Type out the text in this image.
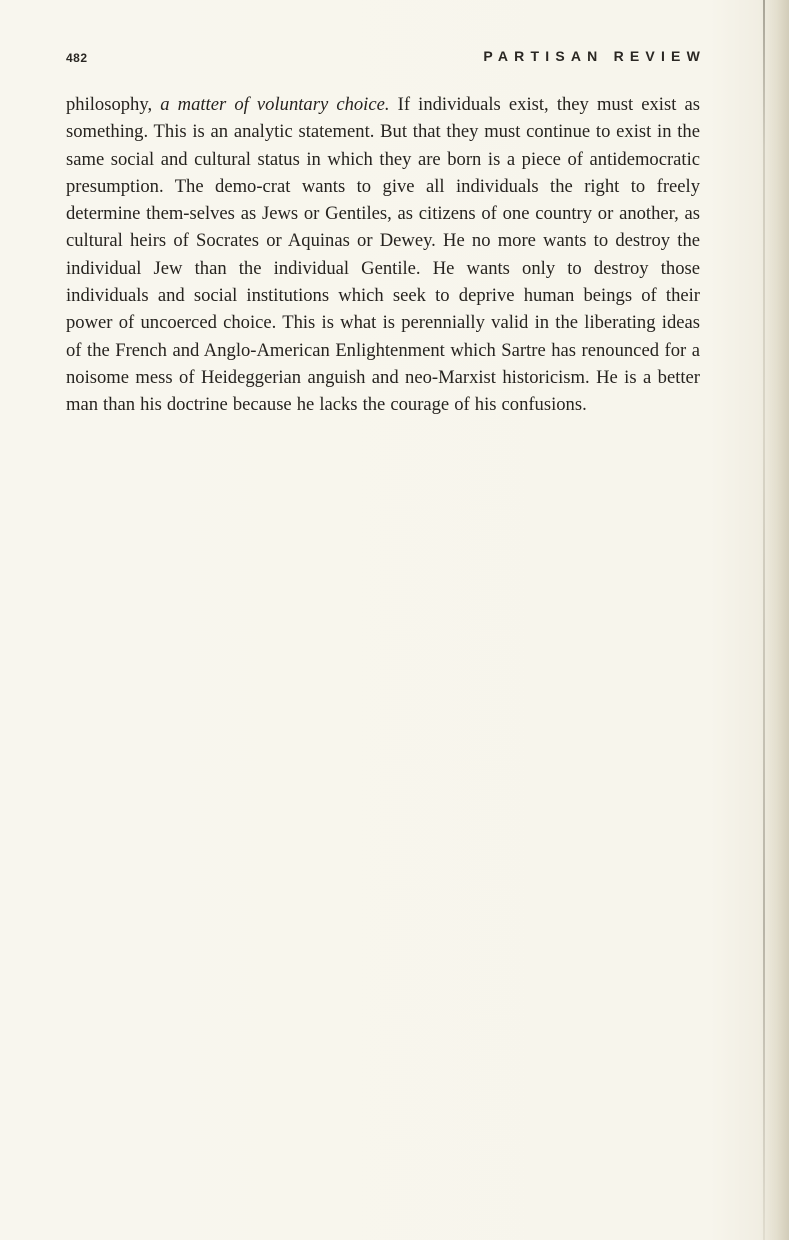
482	PARTISAN REVIEW
philosophy, a matter of voluntary choice. If individuals exist, they must exist as something. This is an analytic statement. But that they must continue to exist in the same social and cultural status in which they are born is a piece of antidemocratic presumption. The demo-crat wants to give all individuals the right to freely determine them-selves as Jews or Gentiles, as citizens of one country or another, as cultural heirs of Socrates or Aquinas or Dewey. He no more wants to destroy the individual Jew than the individual Gentile. He wants only to destroy those individuals and social institutions which seek to deprive human beings of their power of uncoerced choice. This is what is perennially valid in the liberating ideas of the French and Anglo-American Enlightenment which Sartre has renounced for a noisome mess of Heideggerian anguish and neo-Marxist historicism. He is a better man than his doctrine because he lacks the courage of his confusions.
